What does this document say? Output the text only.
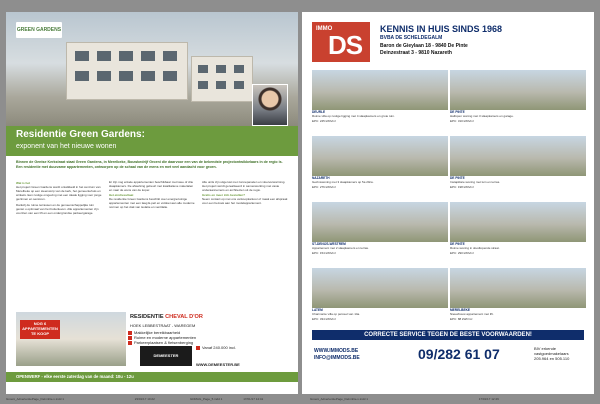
GREEN GARDENS
Residentie Green Gardens:
exponent van het nieuwe wonen
Binnen de Gentse Kerkstraat staat Green Gardens, in Merelbeke, Bouwbedrijf Groeni die daarvoor een van de bekendste projectontwikkelaars in de regio is. Een residentie met duurzame appartementen, ontworpen op de schaal van de mens en met veel aandacht voor groen.
Wat is het
Het project Green Gardens wordt ontwikkeld in het centrum van Merelbeke op een steenworp van de kerk, het gemeentehuis en winkels. Een rustige omgeving met een ideale ligging voor jonge gezinnen en senioren.
Dankzij de ruime terrassen en de gemeenschappelijke tuin geniet u optimaal van het buitenleven. Alle appartementen zijn voorzien van een lift en een ondergrondse parkeergarage.
Er zijn nog enkele appartementen beschikbaar met twee of drie slaapkamers. De afwerking gebeurt met kwalitatieve materialen en naar de wens van de koper.
Het eindresultaat
De residentie Green Gardens beschikt over energiezuinige appartementen met een laag E-peil en voldoet aan alle moderne normen op het vlak van isolatie en ventilatie.
Alle units zijn uitgerust met zonnepanelen en vloerverwarming. Het project wordt gerealiseerd in samenwerking met vaste onderaannemers en architecten uit de regio.
Gratis en meer info bestellen?
Neem contact op met ons verkoopkantoor of maak een afspraak voor een bezoek aan het modelappartement.
NOG 6 APPARTEMENTEN TE KOOP
RESIDENTIE CHEVAL D'OR
HOEK LEBBESTRAAT - WAREGEM
Makkelijke bereikbaarheid
Ruime en moderne appartementen
Parkeerplaatsen & fietsenberging
Vanaf 240.000 incl.
DEMEESTER
WWW.DEMEESTER.BE
OPENWERF - elke eerste zaterdag van de maand: 10u - 12u
IMMO
DS
KENNIS IN HUIS SINDS 1968
BVBA DE SCHELDEGALM
Baron de Gieylaan 18 - 9840 De Pinte
Deinzestraat 3 - 9810 Nazareth
DEURLE
Ruime villa op rustige ligging met 4 slaapkamers en grote tuin.
EPC: 245 kWh/m²
DE PINTE
Halfopen woning met 3 slaapkamers en garage.
EPC: 310 kWh/m²
NAZARETH
Gezinswoning met 3 slaapkamers op 5a 20ca.
EPC: 276 kWh/m²
DE PINTE
Instapklare woning met tuin en terras.
EPC: 198 kWh/m²
ST-DENIJS-WESTREM
Appartement met 2 slaapkamers en terras.
EPC: 154 kWh/m²
DE PINTE
Ruime woning in doodlopende straat.
EPC: 290 kWh/m²
LATEM
Charmante villa op perceel van 14a.
EPC: 334 kWh/m²
MERELBEKE
Nieuwbouw appartement met lift.
EPC: 88 kWh/m²
CORRECTE SERVICE TEGEN DE BESTE VOORWAARDEN!
WWW.IMMODS.BE
INFO@IMMODS.BE	09/282 61 07	BIV erkende
vastgoedmakelaars
205.964 en 505.110
Groeni_AdvertentiePage_DeInnDe-x.indd 1	23/01/17 10:22	GDMAG_Page_5.indd 1	17/01/17 14:41	Groeni_AdvertentiePage_DeInnDe-x.indd 1	17/01/17 12:49
